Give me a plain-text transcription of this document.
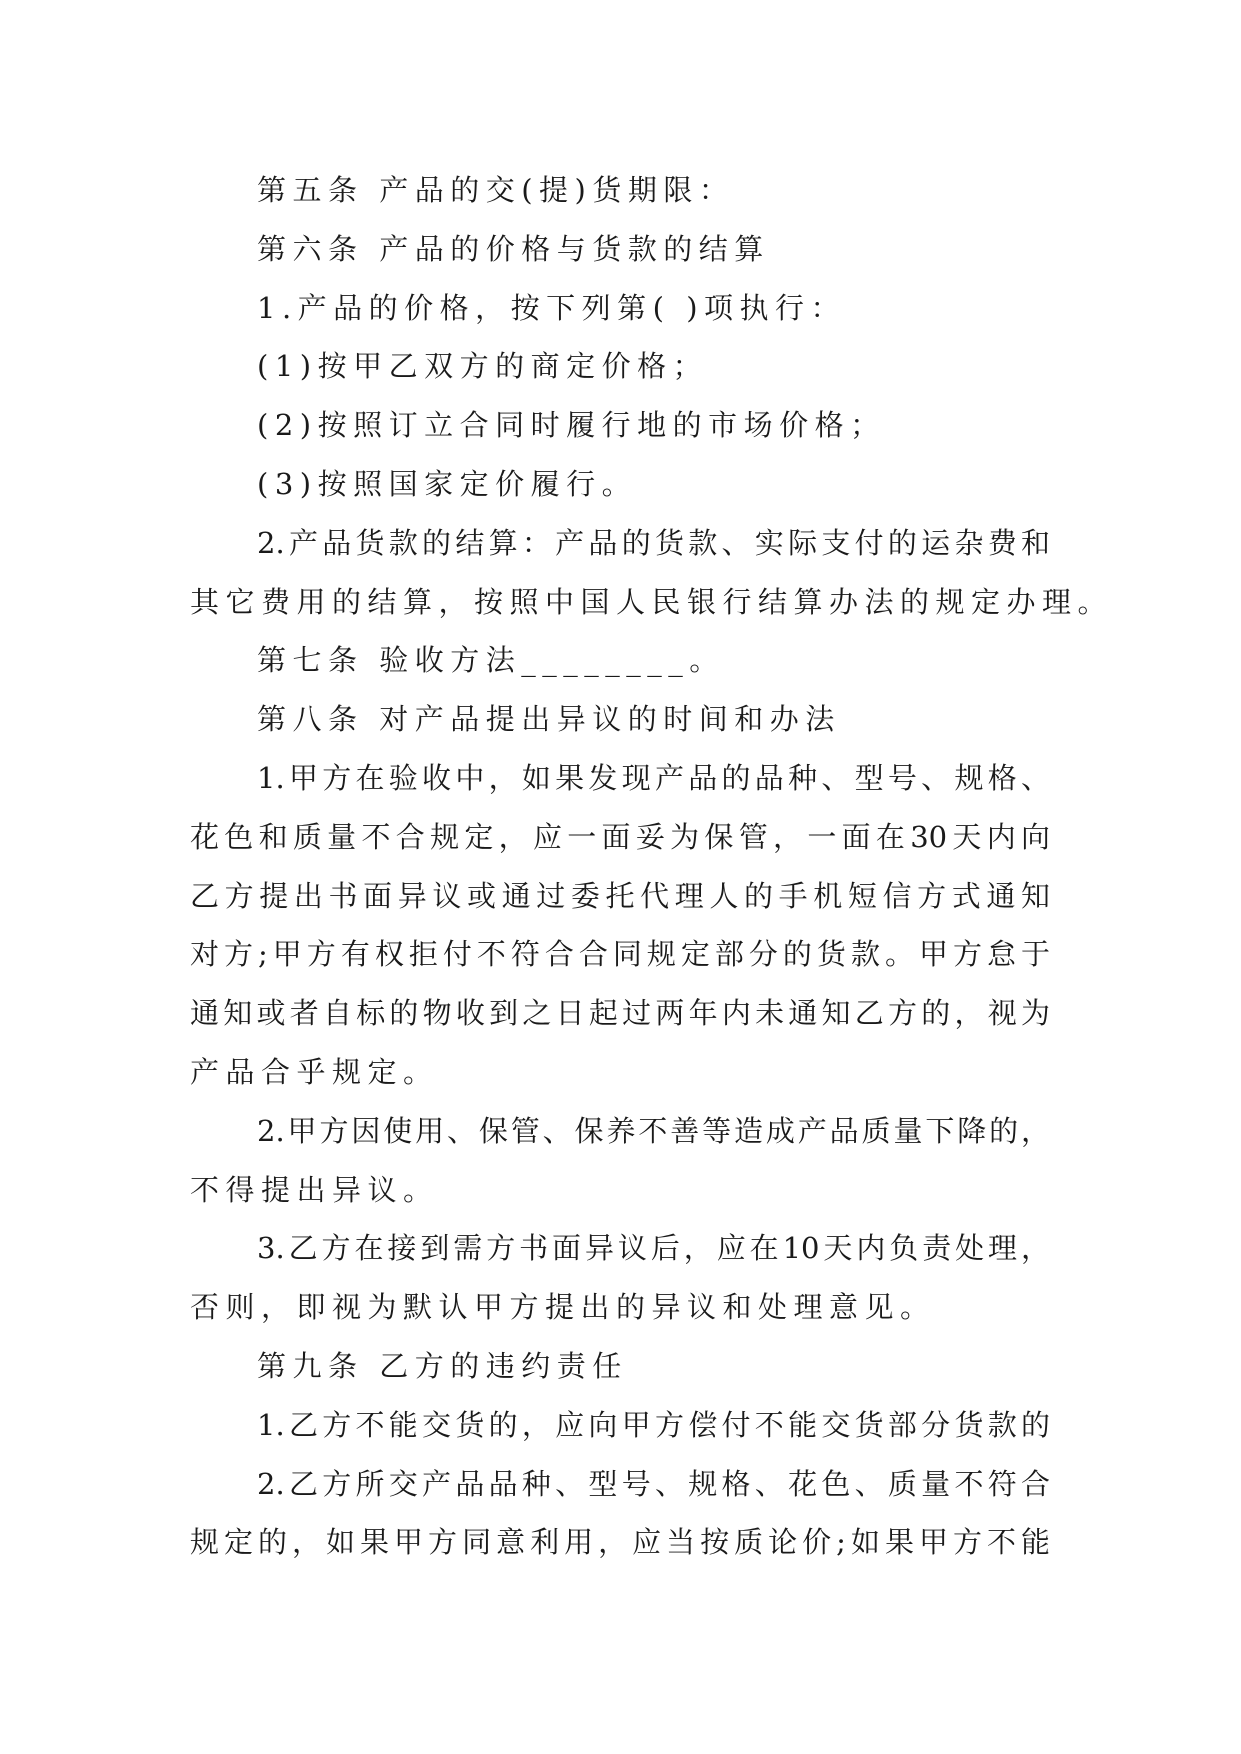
第五条 产品的交(提)货期限：
第六条 产品的价格与货款的结算
1.产品的价格，按下列第( )项执行：
(1)按甲乙双方的商定价格；
(2)按照订立合同时履行地的市场价格；
(3)按照国家定价履行。
2.产品货款的结算：产品的货款、实际支付的运杂费和
其它费用的结算，按照中国人民银行结算办法的规定办理。
第七条 验收方法________。
第八条 对产品提出异议的时间和办法
1.甲方在验收中，如果发现产品的品种、型号、规格、
花色和质量不合规定，应一面妥为保管，一面在30天内向
乙方提出书面异议或通过委托代理人的手机短信方式通知
对方;甲方有权拒付不符合合同规定部分的货款。甲方怠于
通知或者自标的物收到之日起过两年内未通知乙方的，视为
产品合乎规定。
2.甲方因使用、保管、保养不善等造成产品质量下降的，
不得提出异议。
3.乙方在接到需方书面异议后，应在10天内负责处理，
否则，即视为默认甲方提出的异议和处理意见。
第九条 乙方的违约责任
1.乙方不能交货的，应向甲方偿付不能交货部分货款的
2.乙方所交产品品种、型号、规格、花色、质量不符合
规定的，如果甲方同意利用，应当按质论价;如果甲方不能
